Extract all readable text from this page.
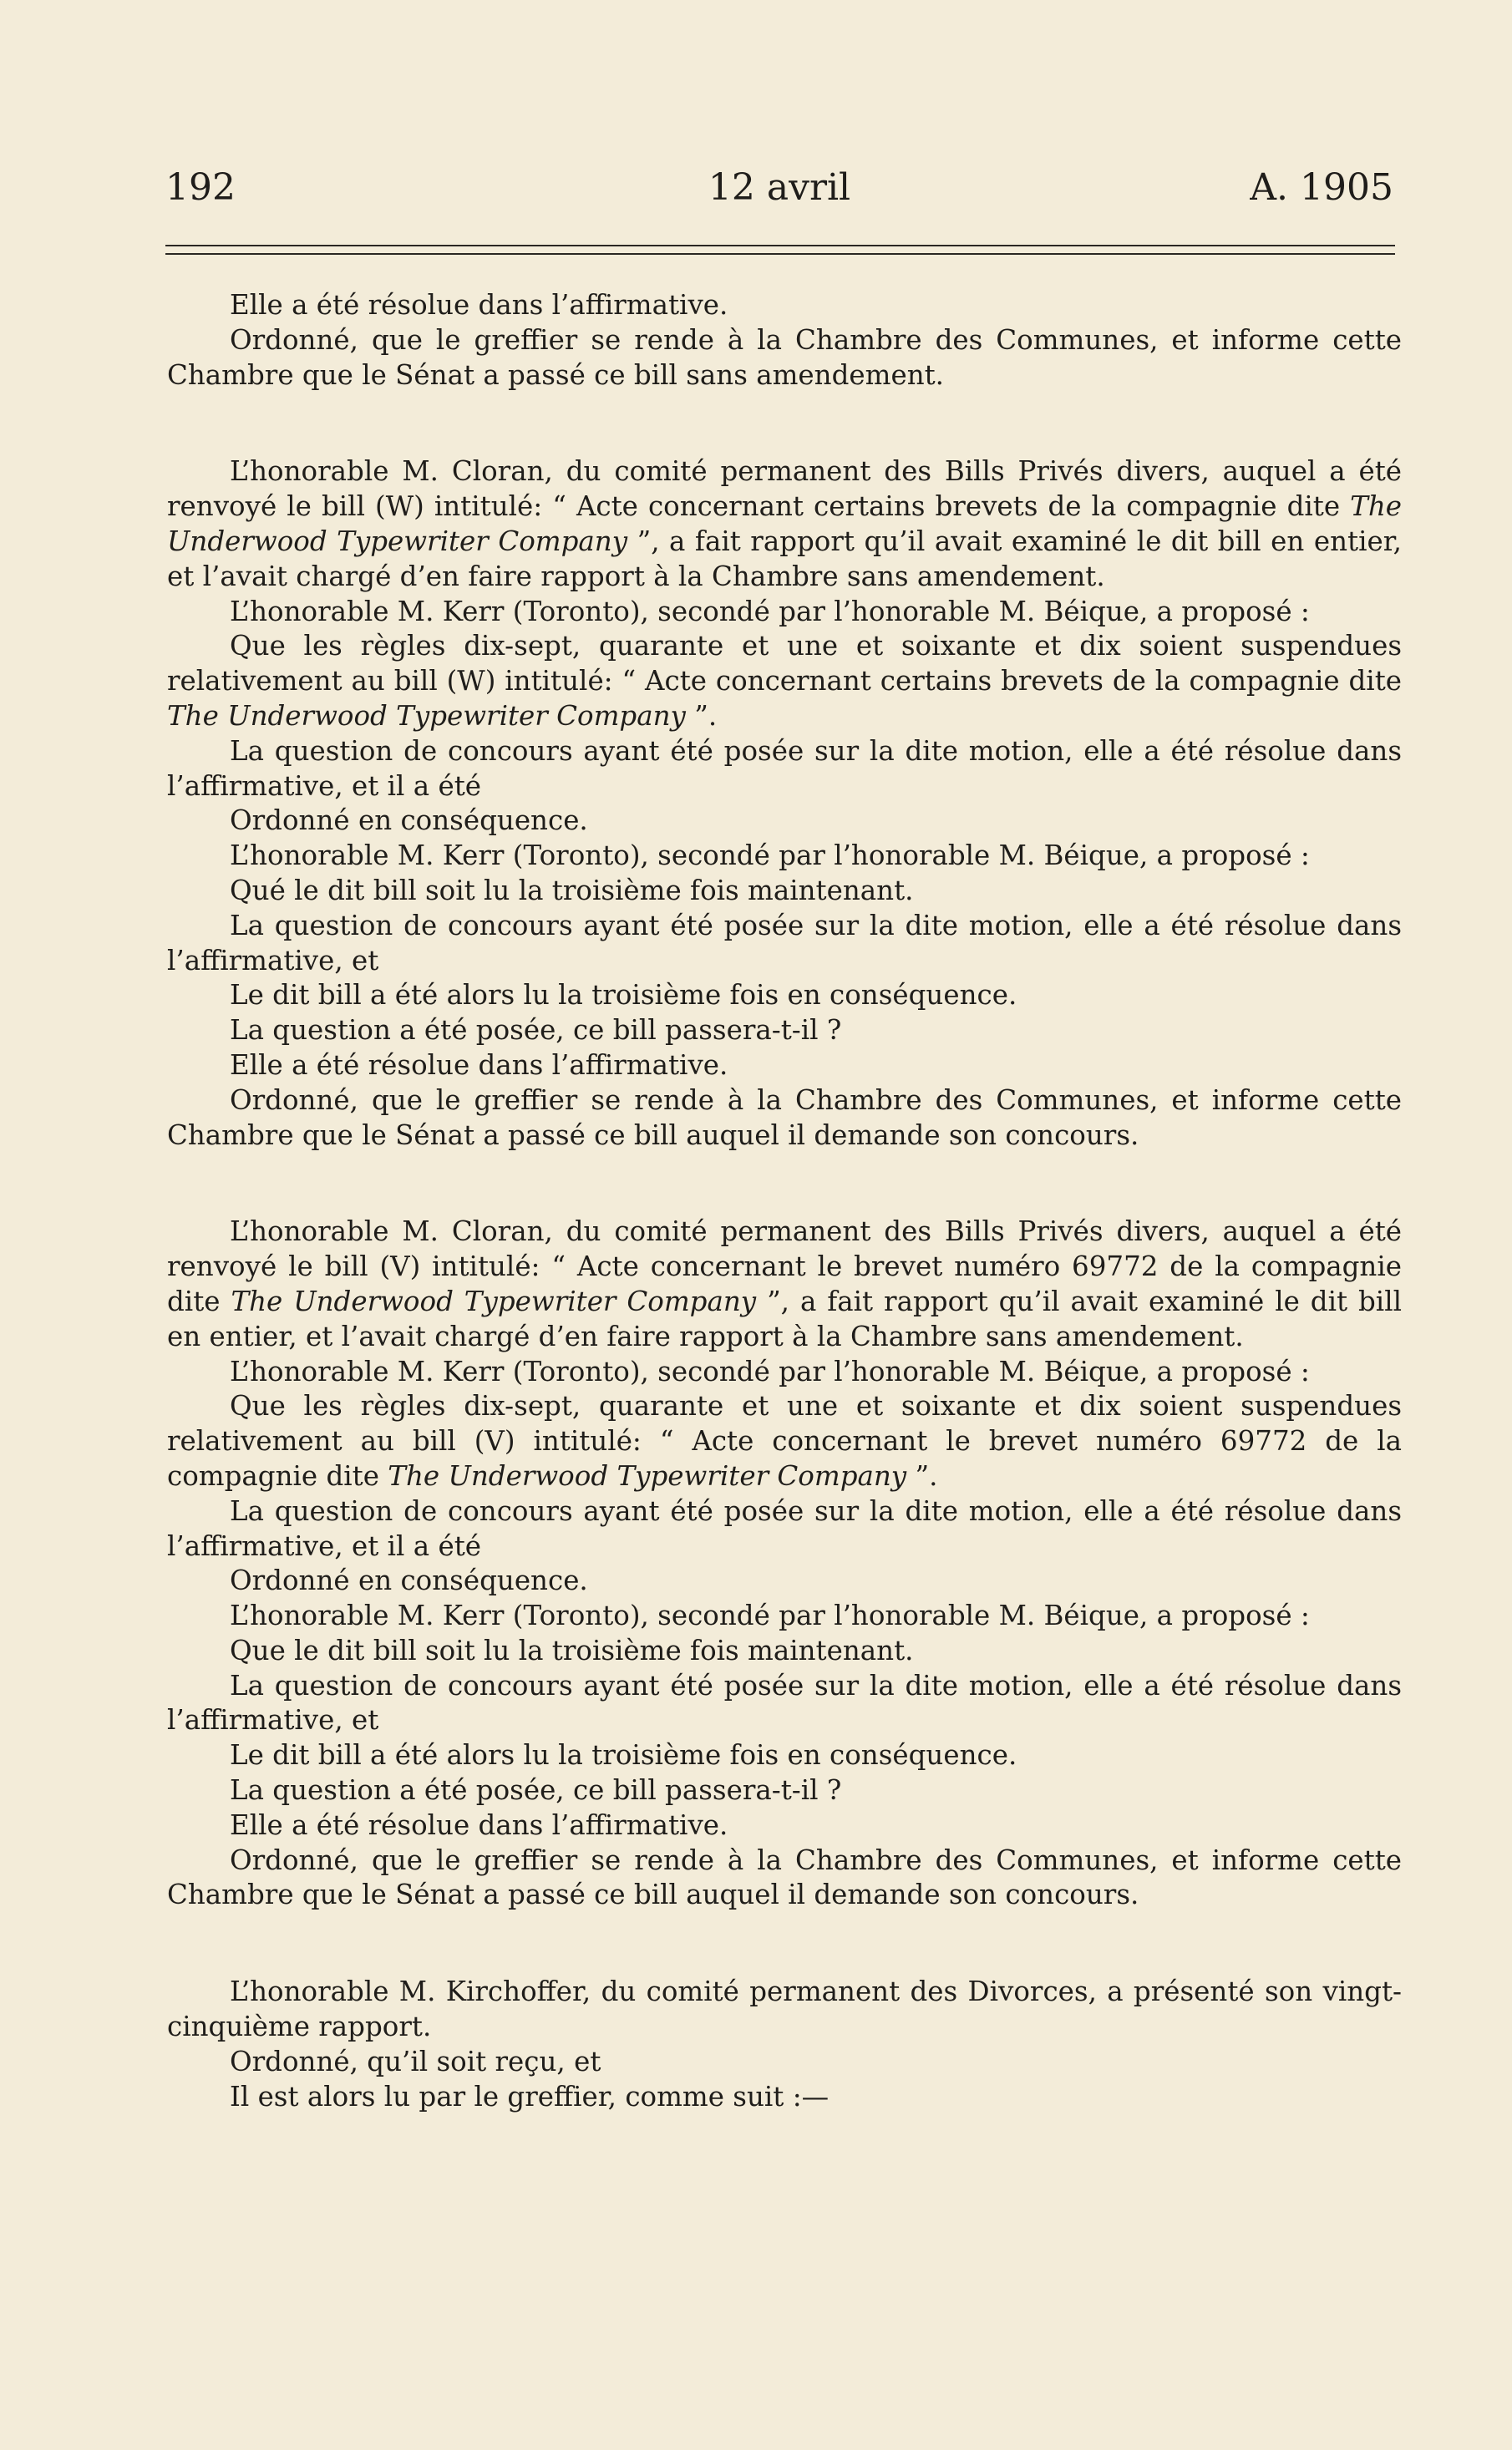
192	12 avril	A. 1905

Elle a été résolue dans l’affirmative.

Ordonné, que le greffier se rende à la Chambre des Communes, et informe cette Chambre que le Sénat a passé ce bill sans amendement.

L’honorable M. Cloran, du comité permanent des Bills Privés divers, auquel a été renvoyé le bill (W) intitulé: “ Acte concernant certains brevets de la compagnie dite The Underwood Typewriter Company ”, a fait rapport qu’il avait examiné le dit bill en entier, et l’avait chargé d’en faire rapport à la Chambre sans amendement.

L’honorable M. Kerr (Toronto), secondé par l’honorable M. Béique, a proposé :

Que les règles dix-sept, quarante et une et soixante et dix soient suspendues relativement au bill (W) intitulé: “ Acte concernant certains brevets de la compagnie dite The Underwood Typewriter Company ”.

La question de concours ayant été posée sur la dite motion, elle a été résolue dans l’affirmative, et il a été

Ordonné en conséquence.

L’honorable M. Kerr (Toronto), secondé par l’honorable M. Béique, a proposé :

Qué le dit bill soit lu la troisième fois maintenant.

La question de concours ayant été posée sur la dite motion, elle a été résolue dans l’affirmative, et

Le dit bill a été alors lu la troisième fois en conséquence.

La question a été posée, ce bill passera-t-il ?

Elle a été résolue dans l’affirmative.

Ordonné, que le greffier se rende à la Chambre des Communes, et informe cette Chambre que le Sénat a passé ce bill auquel il demande son concours.

L’honorable M. Cloran, du comité permanent des Bills Privés divers, auquel a été renvoyé le bill (V) intitulé: “ Acte concernant le brevet numéro 69772 de la compagnie dite The Underwood Typewriter Company ”, a fait rapport qu’il avait examiné le dit bill en entier, et l’avait chargé d’en faire rapport à la Chambre sans amendement.

L’honorable M. Kerr (Toronto), secondé par l’honorable M. Béique, a proposé :

Que les règles dix-sept, quarante et une et soixante et dix soient suspendues relativement au bill (V) intitulé: “ Acte concernant le brevet numéro 69772 de la compagnie dite The Underwood Typewriter Company ”.

La question de concours ayant été posée sur la dite motion, elle a été résolue dans l’affirmative, et il a été

Ordonné en conséquence.

L’honorable M. Kerr (Toronto), secondé par l’honorable M. Béique, a proposé :

Que le dit bill soit lu la troisième fois maintenant.

La question de concours ayant été posée sur la dite motion, elle a été résolue dans l’affirmative, et

Le dit bill a été alors lu la troisième fois en conséquence.

La question a été posée, ce bill passera-t-il ?

Elle a été résolue dans l’affirmative.

Ordonné, que le greffier se rende à la Chambre des Communes, et informe cette Chambre que le Sénat a passé ce bill auquel il demande son concours.

L’honorable M. Kirchoffer, du comité permanent des Divorces, a présenté son vingt-cinquième rapport.

Ordonné, qu’il soit reçu, et

Il est alors lu par le greffier, comme suit :—
